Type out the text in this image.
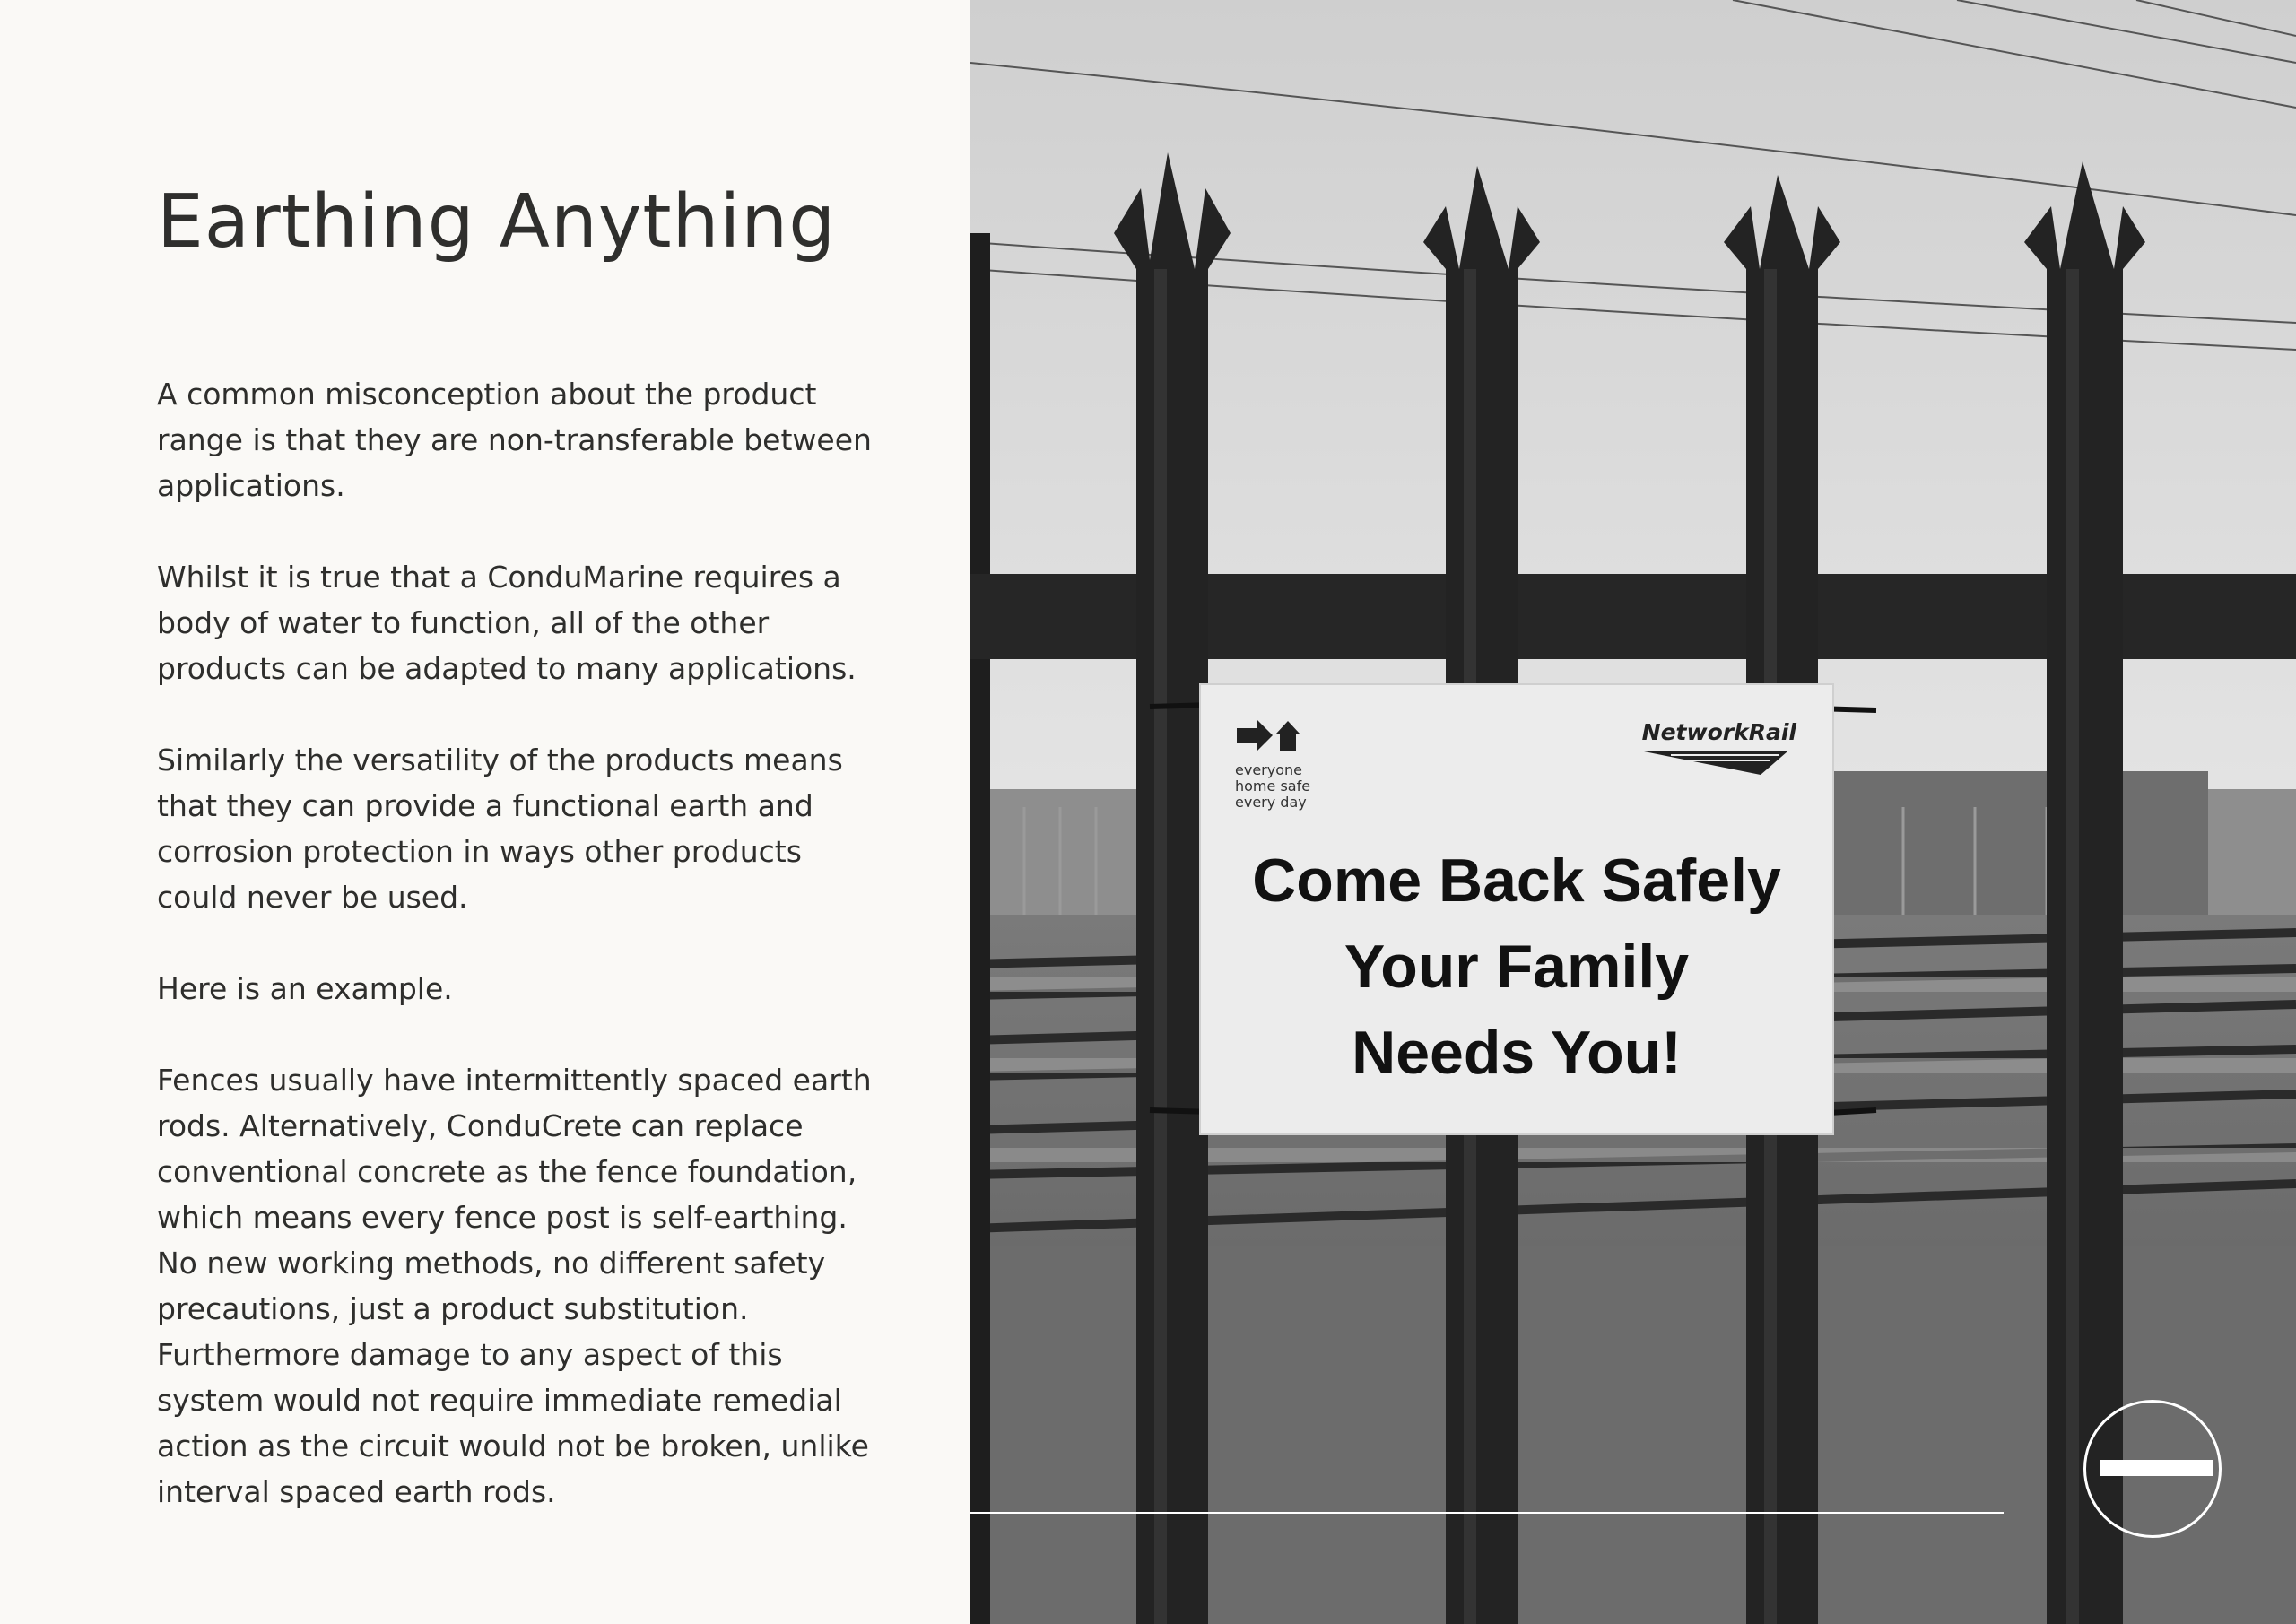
Earthing Anything

A common misconception about the product range is that they are non-transferable between applications.

Whilst it is true that a ConduMarine requires a body of water to function, all of the other products can be adapted to many applications.

Similarly the versatility of the products means that they can provide a functional earth and corrosion protection in ways other products could never be used.

Here is an example.

Fences usually have intermittently spaced earth rods. Alternatively, ConduCrete can replace conventional concrete as the fence foundation, which means every fence post is self-earthing. No new working methods, no different safety precautions, just a product substitution. Furthermore damage to any aspect of this system would not require immediate remedial action as the circuit would not be broken, unlike interval spaced earth rods.

everyone
home safe
every day
NetworkRail
Come Back Safely
Your Family
Needs You!
